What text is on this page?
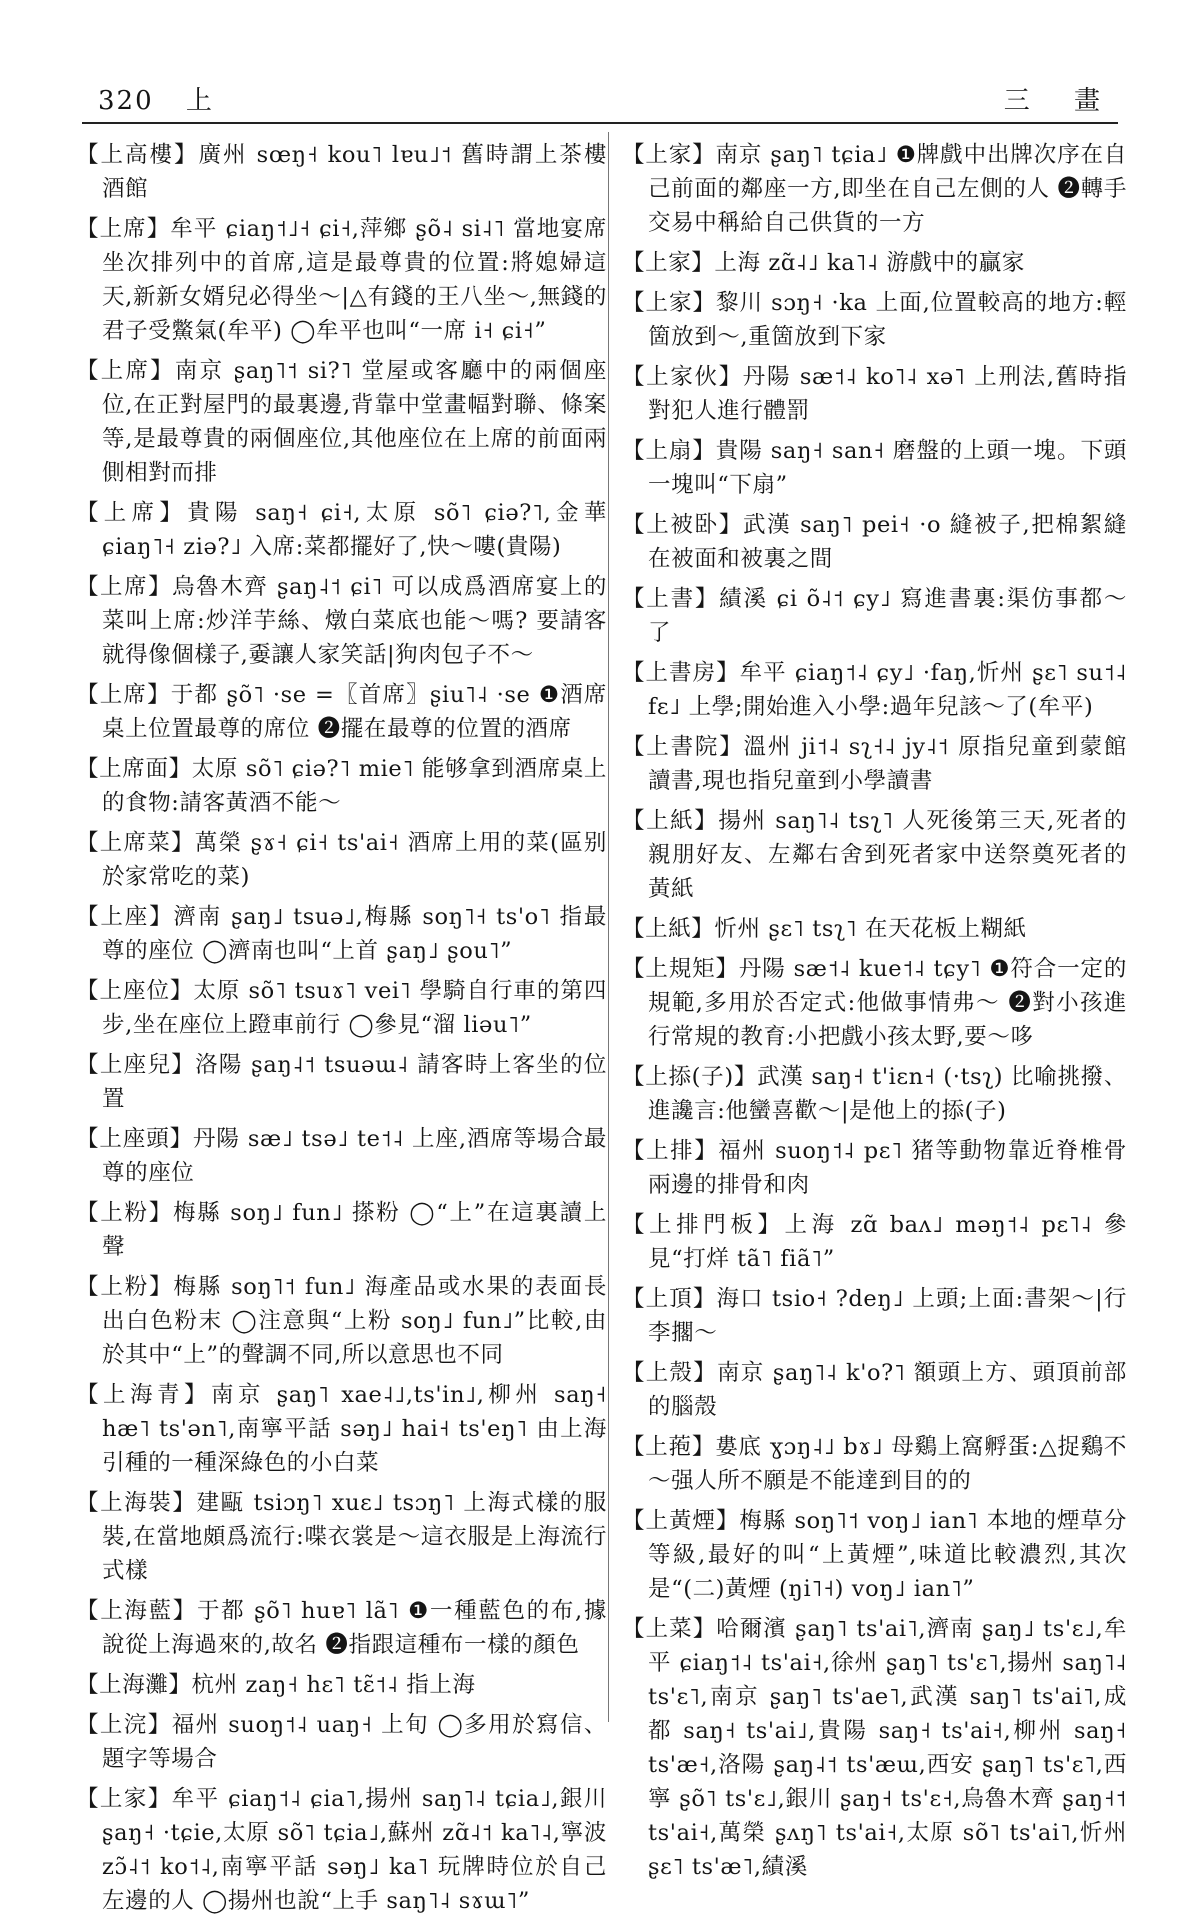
320 上	三 畫

【上高樓】廣州 sœŋ˧ kou˥ lɐu˩˦ 舊時謂上茶樓酒館

【上席】牟平 ɕiaŋ˦˩˧ ɕi˧,萍鄉 ʂõ˨ si˨˥ 當地宴席坐次排列中的首席,這是最尊貴的位置:將媳婦這天,新新女婿兒必得坐～|△有錢的王八坐～,無錢的君子受鱉氣(牟平) ◯牟平也叫“一席 i˧ ɕi˧”

【上席】南京 ʂaŋ˥˦ si?˥ 堂屋或客廳中的兩個座位,在正對屋門的最裏邊,背靠中堂畫幅對聯、條案等,是最尊貴的兩個座位,其他座位在上席的前面兩側相對而排

【上席】貴陽 saŋ˧ ɕi˧,太原 sõ˥ ɕiə?˥,金華 ɕiaŋ˥˧ ziə?˩ 入席:菜都擺好了,快～嘍(貴陽)

【上席】烏魯木齊 ʂaŋ˨˦ ɕi˥ 可以成爲酒席宴上的菜叫上席:炒洋芋絲、燉白菜底也能～嗎? 要請客就得像個樣子,嫑讓人家笑話|狗肉包子不～

【上席】于都 ʂõ˥ ·se =〖首席〗ʂiu˥˨ ·se ❶酒席桌上位置最尊的席位 ❷擺在最尊的位置的酒席

【上席面】太原 sõ˥ ɕiə?˥ mie˥ 能够拿到酒席桌上的食物:請客黃酒不能～

【上席菜】萬榮 ʂɤ˧ ɕi˧ ts'ai˧ 酒席上用的菜(區别於家常吃的菜)

【上座】濟南 ʂaŋ˩ tsuə˩,梅縣 soŋ˥˧ ts'o˥ 指最尊的座位 ◯濟南也叫“上首 ʂaŋ˩ ʂou˥”

【上座位】太原 sõ˥ tsuɤ˥ vei˥ 學騎自行車的第四步,坐在座位上蹬車前行 ◯參見“溜 liəu˥”

【上座兒】洛陽 ʂaŋ˨˦ tsuəɯ˨ 請客時上客坐的位置

【上座頭】丹陽 sæ˩ tsə˩ te˦˨ 上座,酒席等場合最尊的座位

【上粉】梅縣 soŋ˩ fun˩ 搽粉 ◯“上”在這裏讀上聲

【上粉】梅縣 soŋ˥˦ fun˩ 海產品或水果的表面長出白色粉末 ◯注意與“上粉 soŋ˩ fun˩”比較,由於其中“上”的聲調不同,所以意思也不同

【上海青】南京 ʂaŋ˥ xae˨˩,ts'in˩,柳州 saŋ˧ hæ˥ ts'ən˥,南寧平話 səŋ˩ hai˧ ts'eŋ˥ 由上海引種的一種深綠色的小白菜

【上海裝】建甌 tsiɔŋ˥ xuɛ˩ tsɔŋ˥ 上海式樣的服裝,在當地頗爲流行:喋衣裳是～這衣服是上海流行式樣

【上海藍】于都 ʂõ˥ huɐ˥ lã˥ ❶一種藍色的布,據說從上海過來的,故名 ❷指跟這種布一樣的顏色

【上海灘】杭州 zaŋ˧ hɛ˥ tɛ̃˦˨ 指上海

【上浣】福州 suoŋ˦˨ uaŋ˧ 上旬 ◯多用於寫信、題字等場合

【上家】牟平 ɕiaŋ˦˨ ɕia˥,揚州 saŋ˥˨ tɕia˩,銀川 ʂaŋ˧ ·tɕie,太原 sõ˥ tɕia˩,蘇州 zɑ̃˨˦ ka˥˨,寧波 zɔ̃˨˦ ko˦˨,南寧平話 səŋ˩ ka˥ 玩牌時位於自己左邊的人 ◯揚州也說“上手 saŋ˥˨ sɤɯ˥”

【上家】南京 ʂaŋ˥ tɕia˩ ❶牌戲中出牌次序在自己前面的鄰座一方,即坐在自己左側的人 ❷轉手交易中稱給自己供貨的一方

【上家】上海 zɑ̃˨˩ ka˥˨ 游戲中的贏家

【上家】黎川 sɔŋ˧ ·ka 上面,位置較高的地方:輕箇放到～,重箇放到下家

【上家伙】丹陽 sæ˦˨ ko˥˨ xə˥ 上刑法,舊時指對犯人進行體罰

【上扇】貴陽 saŋ˧ san˧ 磨盤的上頭一塊。下頭一塊叫“下扇”

【上被卧】武漢 saŋ˥ pei˧ ·o 縫被子,把棉絮縫在被面和被裏之間

【上書】績溪 ɕi õ˨˦ ɕy˩ 寫進書裏:渠仿事都～了

【上書房】牟平 ɕiaŋ˦˨ ɕy˩ ·faŋ,忻州 ʂɛ˥ su˦˨ fɛ˩ 上學;開始進入小學:過年兒該～了(牟平)

【上書院】溫州 ji˦˨ sʅ˧˨ jy˨˦ 原指兒童到蒙館讀書,現也指兒童到小學讀書

【上紙】揚州 saŋ˥˨ tsʅ˥ 人死後第三天,死者的親朋好友、左鄰右舍到死者家中送祭奠死者的黃紙

【上紙】忻州 ʂɛ˥ tsʅ˥ 在天花板上糊紙

【上規矩】丹陽 sæ˦˨ kue˦˨ tɕy˥ ❶符合一定的規範,多用於否定式:他做事情弗～ ❷對小孩進行常規的教育:小把戲小孩太野,要～哆

【上掭(子)】武漢 saŋ˧ t'iɛn˧ (·tsʅ) 比喻挑撥、進讒言:他蠻喜歡～|是他上的掭(子)

【上排】福州 suoŋ˦˨ pɛ˥ 猪等動物靠近脊椎骨兩邊的排骨和肉

【上排門板】上海 zɑ̃ baʌ˩ məŋ˦˨ pɛ˥˨ 參見“打烊 tã˥ fiã˥”

【上頂】海口 tsio˧ ?deŋ˩ 上頭;上面:書架～|行李擱～

【上殼】南京 ʂaŋ˥˨ k'o?˥ 額頭上方、頭頂前部的腦殼

【上菢】婁底 ɣɔŋ˨˩ bɤ˩ 母鷄上窩孵蛋:△捉鷄不～强人所不願是不能達到目的的

【上黃煙】梅縣 soŋ˥˦ voŋ˩ ian˥ 本地的煙草分等級,最好的叫“上黃煙”,味道比較濃烈,其次是“(二)黃煙 (ŋi˥˧) voŋ˩ ian˥”

【上菜】哈爾濱 ʂaŋ˥ ts'ai˥,濟南 ʂaŋ˩ ts'ɛ˩,牟平 ɕiaŋ˦˨ ts'ai˧,徐州 ʂaŋ˥ ts'ɛ˥,揚州 saŋ˥˨ ts'ɛ˥,南京 ʂaŋ˥ ts'ae˥,武漢 saŋ˥ ts'ai˥,成都 saŋ˧ ts'ai˩,貴陽 saŋ˧ ts'ai˧,柳州 saŋ˧ ts'æ˧,洛陽 ʂaŋ˨˦ ts'æɯ,西安 ʂaŋ˥ ts'ɛ˥,西寧 ʂõ˥ ts'ɛ˩,銀川 ʂaŋ˧ ts'ɛ˧,烏魯木齊 ʂaŋ˧˦ ts'ai˧,萬榮 ʂʌŋ˥ ts'ai˧,太原 sõ˥ ts'ai˥,忻州 ʂɛ˥ ts'æ˥,績溪
